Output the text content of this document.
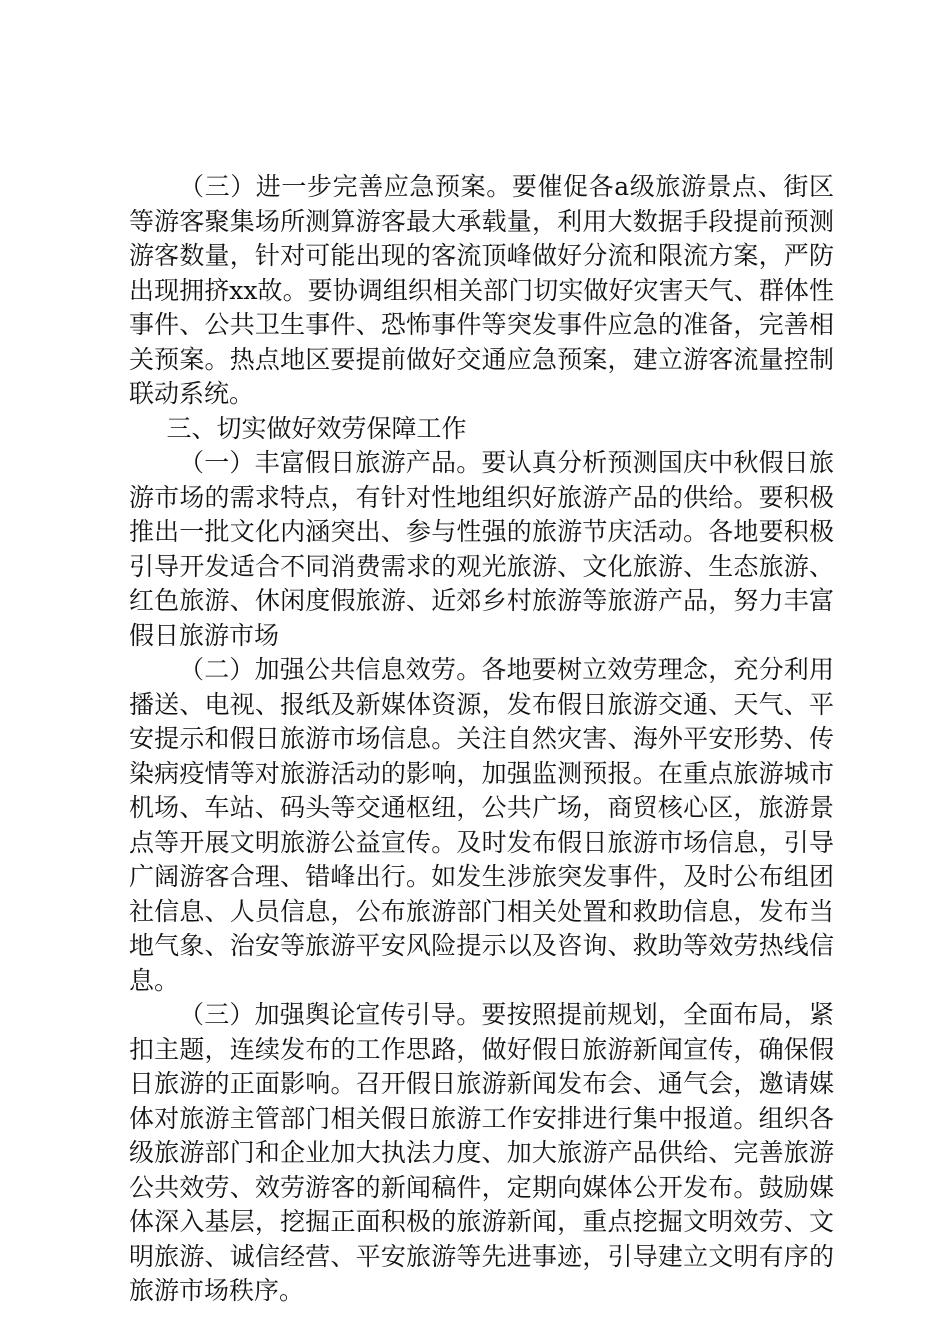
（三）进一步完善应急预案。要催促各a级旅游景点、街区等游客聚集场所测算游客最大承载量，利用大数据手段提前预测游客数量，针对可能出现的客流顶峰做好分流和限流方案，严防出现拥挤xx故。要协调组织相关部门切实做好灾害天气、群体性事件、公共卫生事件、恐怖事件等突发事件应急的准备，完善相关预案。热点地区要提前做好交通应急预案，建立游客流量控制联动系统。

三、切实做好效劳保障工作

（一）丰富假日旅游产品。要认真分析预测国庆中秋假日旅游市场的需求特点，有针对性地组织好旅游产品的供给。要积极推出一批文化内涵突出、参与性强的旅游节庆活动。各地要积极引导开发适合不同消费需求的观光旅游、文化旅游、生态旅游、红色旅游、休闲度假旅游、近郊乡村旅游等旅游产品，努力丰富假日旅游市场

（二）加强公共信息效劳。各地要树立效劳理念，充分利用播送、电视、报纸及新媒体资源，发布假日旅游交通、天气、平安提示和假日旅游市场信息。关注自然灾害、海外平安形势、传染病疫情等对旅游活动的影响，加强监测预报。在重点旅游城市机场、车站、码头等交通枢纽，公共广场，商贸核心区，旅游景点等开展文明旅游公益宣传。及时发布假日旅游市场信息，引导广阔游客合理、错峰出行。如发生涉旅突发事件，及时公布组团社信息、人员信息，公布旅游部门相关处置和救助信息，发布当地气象、治安等旅游平安风险提示以及咨询、救助等效劳热线信息。

（三）加强舆论宣传引导。要按照提前规划，全面布局，紧扣主题，连续发布的工作思路，做好假日旅游新闻宣传，确保假日旅游的正面影响。召开假日旅游新闻发布会、通气会，邀请媒体对旅游主管部门相关假日旅游工作安排进行集中报道。组织各级旅游部门和企业加大执法力度、加大旅游产品供给、完善旅游公共效劳、效劳游客的新闻稿件，定期向媒体公开发布。鼓励媒体深入基层，挖掘正面积极的旅游新闻，重点挖掘文明效劳、文明旅游、诚信经营、平安旅游等先进事迹，引导建立文明有序的旅游市场秩序。
